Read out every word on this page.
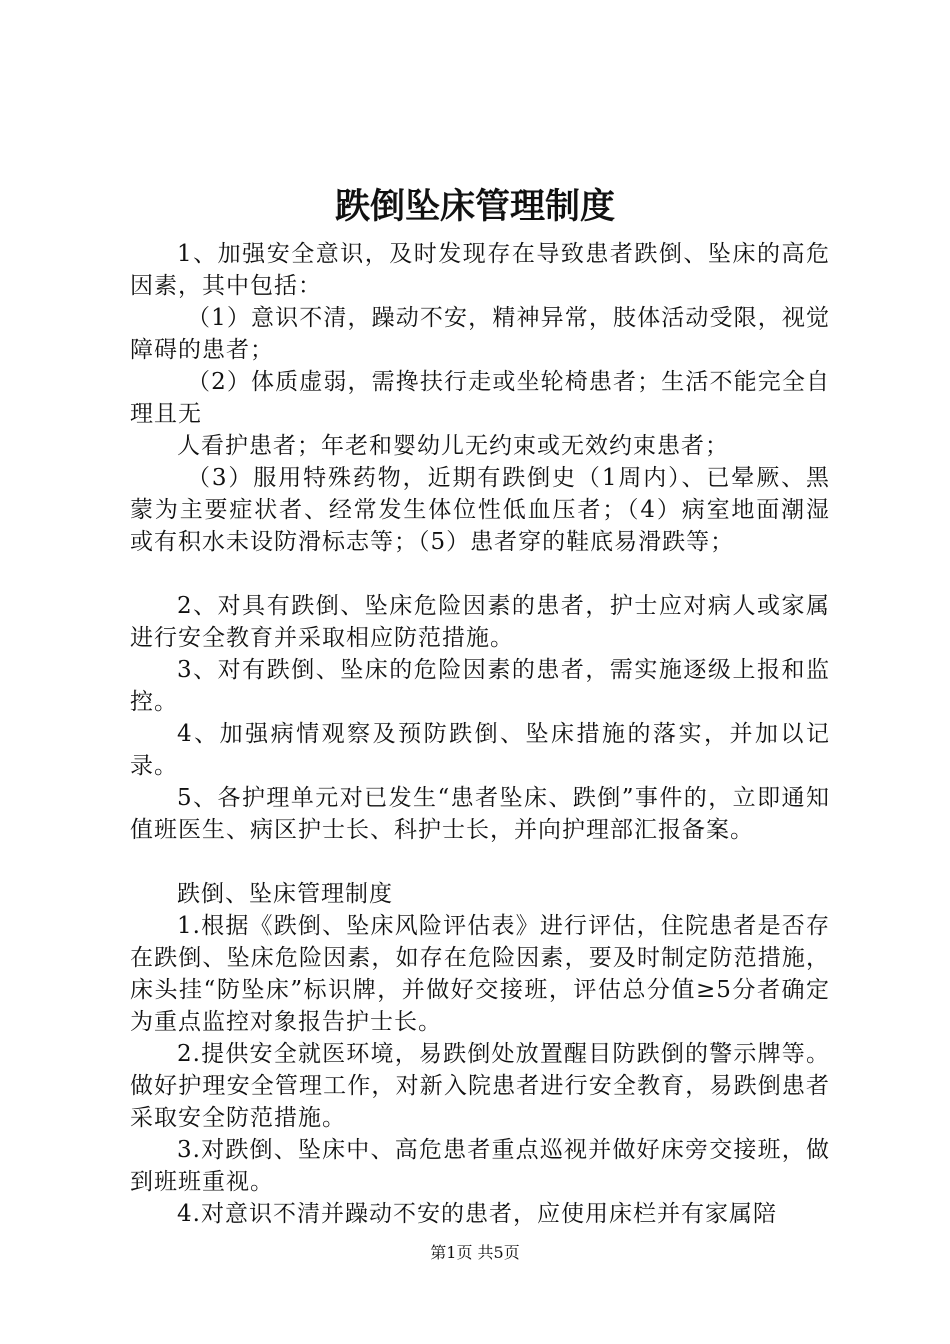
跌倒坠床管理制度

1、加强安全意识，及时发现存在导致患者跌倒、坠床的高危因素，其中包括：

（1）意识不清，躁动不安，精神异常，肢体活动受限，视觉障碍的患者；

（2）体质虚弱，需搀扶行走或坐轮椅患者；生活不能完全自理且无

人看护患者；年老和婴幼儿无约束或无效约束患者；

（3）服用特殊药物，近期有跌倒史（1周内）、已晕厥、黑蒙为主要症状者、经常发生体位性低血压者；（4）病室地面潮湿或有积水未设防滑标志等；（5）患者穿的鞋底易滑跌等；

2、对具有跌倒、坠床危险因素的患者，护士应对病人或家属进行安全教育并采取相应防范措施。

3、对有跌倒、坠床的危险因素的患者，需实施逐级上报和监控。

4、加强病情观察及预防跌倒、坠床措施的落实，并加以记录。

5、各护理单元对已发生“患者坠床、跌倒”事件的，立即通知值班医生、病区护士长、科护士长，并向护理部汇报备案。

跌倒、坠床管理制度

1.根据《跌倒、坠床风险评估表》进行评估，住院患者是否存在跌倒、坠床危险因素，如存在危险因素，要及时制定防范措施，床头挂“防坠床”标识牌，并做好交接班，评估总分值≥5分者确定为重点监控对象报告护士长。

2.提供安全就医环境，易跌倒处放置醒目防跌倒的警示牌等。做好护理安全管理工作，对新入院患者进行安全教育，易跌倒患者采取安全防范措施。

3.对跌倒、坠床中、高危患者重点巡视并做好床旁交接班，做到班班重视。

4.对意识不清并躁动不安的患者，应使用床栏并有家属陪

第1页 共5页
